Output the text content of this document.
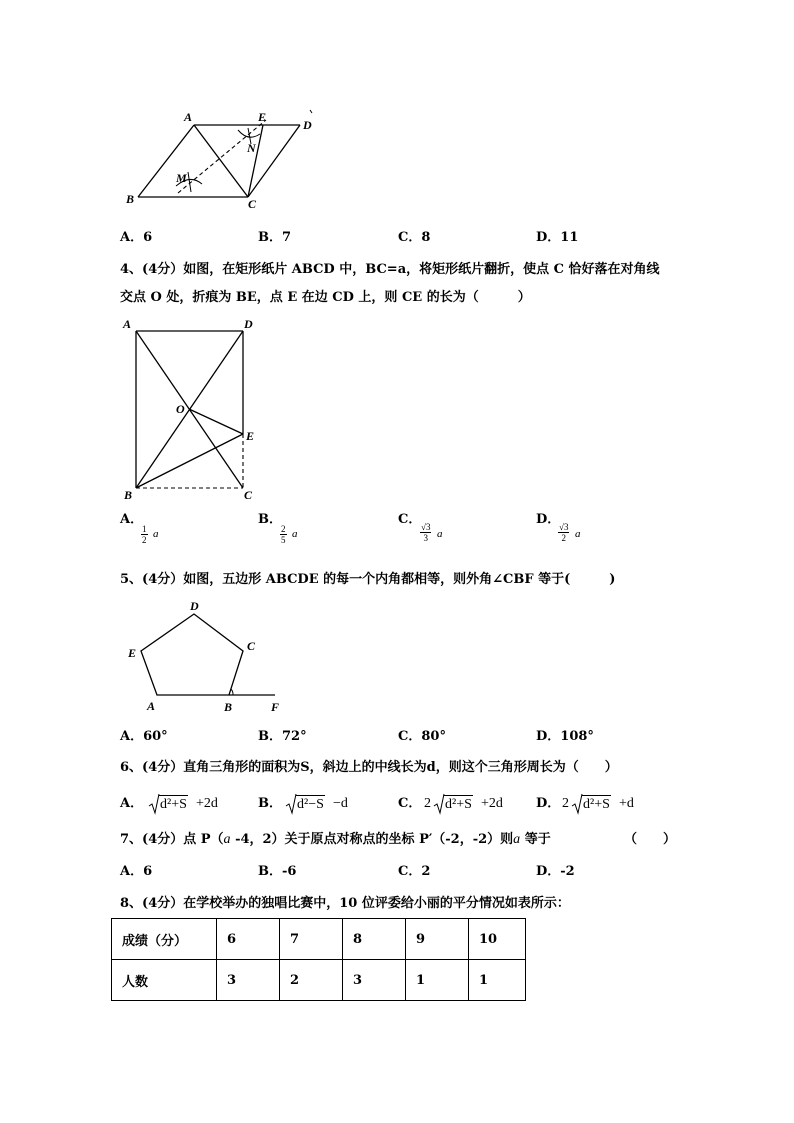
A	E
D
N
M
B	C
A．6	B．7	C．8	D．11
4、(4分）如图，在矩形纸片 ABCD 中，BC=a，将矩形纸片翻折，使点 C 恰好落在对角线
交点 O 处，折痕为 BE，点 E 在边 CD 上，则 CE 的长为（　　　）
A	D
O
E
B	C
A．
$\frac{1}{2}$ a
B．
$\frac{2}{5}$ a
C．
$\frac{√3}{3}$ a
D．
$\frac{√3}{2}$ a
5、(4分）如图，五边形 ABCDE 的每一个内角都相等，则外角∠CBF 等于(　　　)
D
C
E
A	B	F
A．60°	B．72°	C．80°	D．108°
6、(4分）直角三角形的面积为S，斜边上的中线长为d，则这个三角形周长为（　　）
A． d²+S +2d	B． d²−S −d	C． 2 d²+S +2d	D． 2 d²+S +d
7、(4分）点 P（a -4，2）关于原点对称点的坐标 P′（-2，-2）则a 等于	（　　）
A．6	B．-6	C．2	D．-2
8、(4分）在学校举办的独唱比赛中，10 位评委给小丽的平分情况如表所示：
成绩（分）	6	7	8	9	10
人数	3	2	3	1	1
